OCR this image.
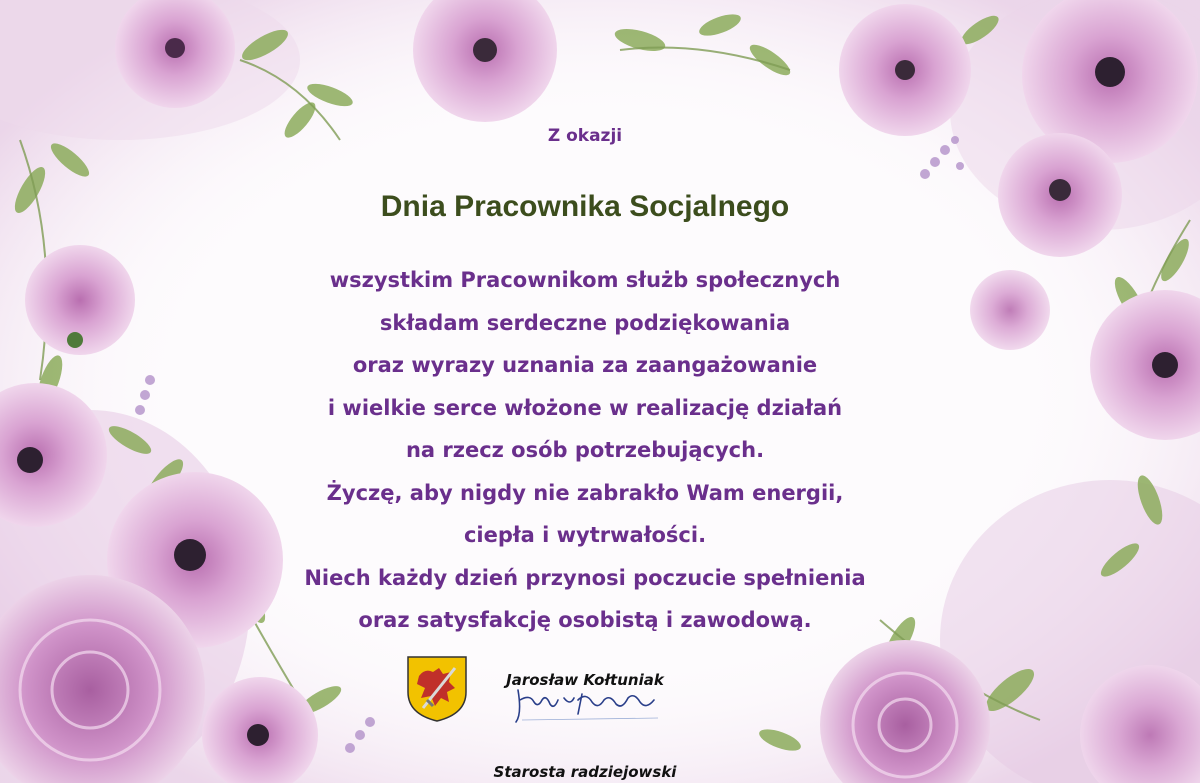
Z okazji

Dnia Pracownika Socjalnego

wszystkim Pracownikom służb społecznych
składam serdeczne podziękowania
oraz wyrazy uznania za zaangażowanie
i wielkie serce włożone w realizację działań
na rzecz osób potrzebujących.
Życzę, aby nigdy nie zabrakło Wam energii,
ciepła i wytrwałości.
Niech każdy dzień przynosi poczucie spełnienia
oraz satysfakcję osobistą i zawodową.

Jarosław Kołtuniak

Starosta radziejowski
